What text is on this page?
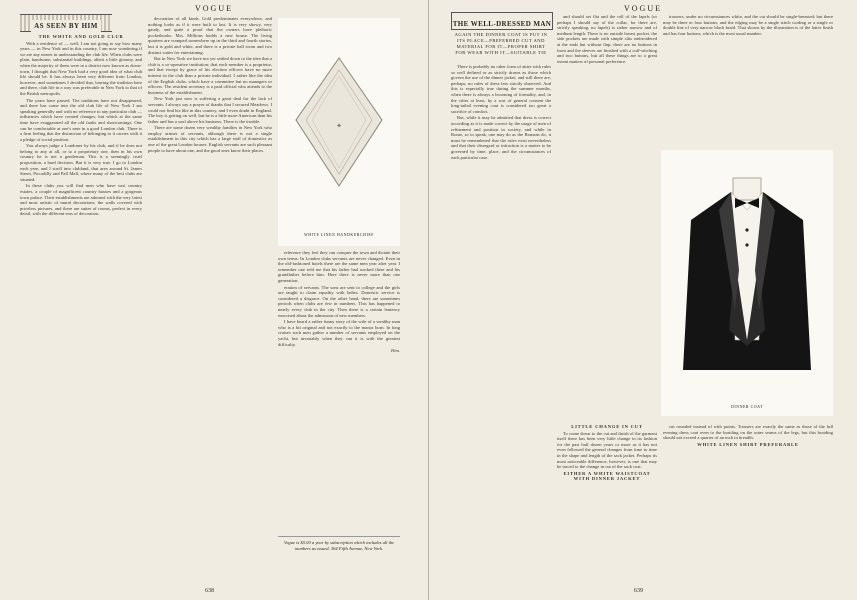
VOGUE
AS SEEN BY HIM

THE WHITE AND GOLD CLUB

With a residence of — well, I am not going to say how many years — in New York and in this country, I am now wondering if we are any nearer in understanding the club life. When clubs were plain, handsome, substantial buildings, albeit a little gloomy, and when the majority of them were in a district now known as down-town, I thought that New York had a very good idea of what club life should be. It has always been very different from London, however, and sometimes I decided that, barring the tradition here and there, club life in a way was preferable in New York to that of the British metropolis.

The years have passed. The traditions have not disappeared, and there has come into the old club life of New York I am speaking generally and with no reference to any particular club — influences which have created changes, but which at the same time have exaggerated all the old faults and shortcomings. One can be comfortable at one's ease in a good London club. There is a firm feeling that the distinction of belonging to it carries with it a pledge of social position.

You always judge a Londoner by his club, and if he does not belong to any at all, or to a proprietary one, then in his own country he is not a gentleman. This is a seemingly cruel proposition, a hard decision. But it is very true. I go to London each year, and I stroll into clubland, that area around St. James Street, Piccadilly and Pall Mall, where many of the best clubs are situated.

In these clubs you will find men who have vast country estates, a couple of magnificent country houses and a gorgeous town palace. Their establishments are adorned with the very latest and most artistic of mural decorations, the walls covered with priceless pictures, and there are suites of rooms, perfect in every detail, with the different eras of decoration.

decoration of all kinds. Gold predominates everywhere, and nothing looks as if it were built to last. It is very showy, very gaudy, and quite a proof that the owners have plethoric pocketbooks. Mrs. Millions builds a new house. The living quarters are cramped somewhere up in the third and fourth stories, but it is gold and white, and there is a private ball room and two distinct suites for entertaining.

But in New York we have not yet settled down to the idea that a club is a co-operative institution; that each member is a proprietor, and that except by grace of his election officers have no more interest in the club than a private individual. I rather like the idea of the English clubs, which have a committee but no managers or officers. The resident secretary is a paid official who attends to the business of the establishment.

New York just now is suffering a great deal for the lack of servants. I always say a prayer of thanks that I secured Meadows. I could not find his like in this country, and I even doubt in England. The boy is getting on well, but he is a little more American than his father and has a soul above his business. There is the trouble.

There are some dozen very wealthy families in New York who employ armies of servants, although there is not a single establishment in this city which has a large staff of domestics as one of the great London houses. English servants are such pleasant people to have about one, and the good ones know their places.

✦
WHITE LINEN HANDKERCHIEF

reference they feel they can conquer the town and dictate their own terms. In London clubs servants are never changed. Even in the old-fashioned hotels there are the same men year after year. I remember one told me that his father had worked there and his grandfather before him. Here there is never more than one generation.

eration of servants. The sons are sent to college and the girls are taught to claim equality with ladies. Domestic service is considered a disgrace. On the other hand, there are sometimes periods when clubs are few in numbers. This has happened to nearly every club in the city. Then there is a certain leniency exercised about the admission of new members.

I have heard a rather funny story of the wife of a wealthy man who is a bit original and not exactly to the manor born. In long cruises such men gather a number of servants employed on the yacht, but invariably when they can it is with the greatest difficulty.

Him.

Vogue is $5.00 a year by subscription which includes all the numbers as issued. 364 Fifth Avenue, New York.
638
VOGUE
THE WELL-DRESSED MAN
AGAIN THE DINNER COAT IS PUT IN ITS PLACE—PREFERRED CUT AND MATERIAL FOR IT—PROPER SHIRT FOR WEAR WITH IT—SUITABLE TIE

There is probably no other form of attire with rules so well defined or as strictly drawn as those which govern the use of the dinner jacket, and still there are, perhaps, no rules of dress less strictly observed. And this is especially true during the summer months, when there is always a lessening of formality, and, in the cities at least, by a sort of general consent the long-tailed evening coat is considered too great a sacrifice of comfort.

But, while it may be admitted that dress is correct according as it is made correct by the usage of men of refinement and position in society, and while in Rome, so to speak, one may do as the Romans do, it must be remembered that the rules exist nevertheless and that their disregard or infraction is a matter to be governed by time, place, and the circumstances of each particular case.

and should set flat and the roll of the lapels (or perhaps I should say of the collar, for there are, strictly speaking, no lapels) is rather narrow and of medium length. There is no outside breast pocket, the side pockets are made with simple slits embroidered at the ends but without flap; there are no buttons in front and the sleeves are finished with a cuff-stitching and two buttons, but all these things are to a great extent matters of personal preference.

trousers, under no circumstances white, and the cut should be single-breasted; but there may be three or four buttons, and the edging may be a single stitch cording or a single or double line of very narrow black braid. That shown by the illustration is of the latter finish and has four buttons, which is the most usual number.

DINNER COAT

LITTLE CHANGE IN CUT

To come down to the cut and finish of the garment itself there has been very little change in its fashion for the past half dozen years or more as it has not even followed the general changes from time to time in the shape and length of the sack jacket. Perhaps its most noticeable difference, however, is one that may be traced to the change in cut of the sack coat.

EITHER A WHITE WAISTCOAT WITH DINNER JACKET

cut rounded instead of with points. Trousers are exactly the same as those of the full evening dress coat even to the braiding on the outer seams of the legs, but this braiding should not exceed a quarter of an inch in breadth.

WHITE LINEN SHIRT PREFERABLE

639
